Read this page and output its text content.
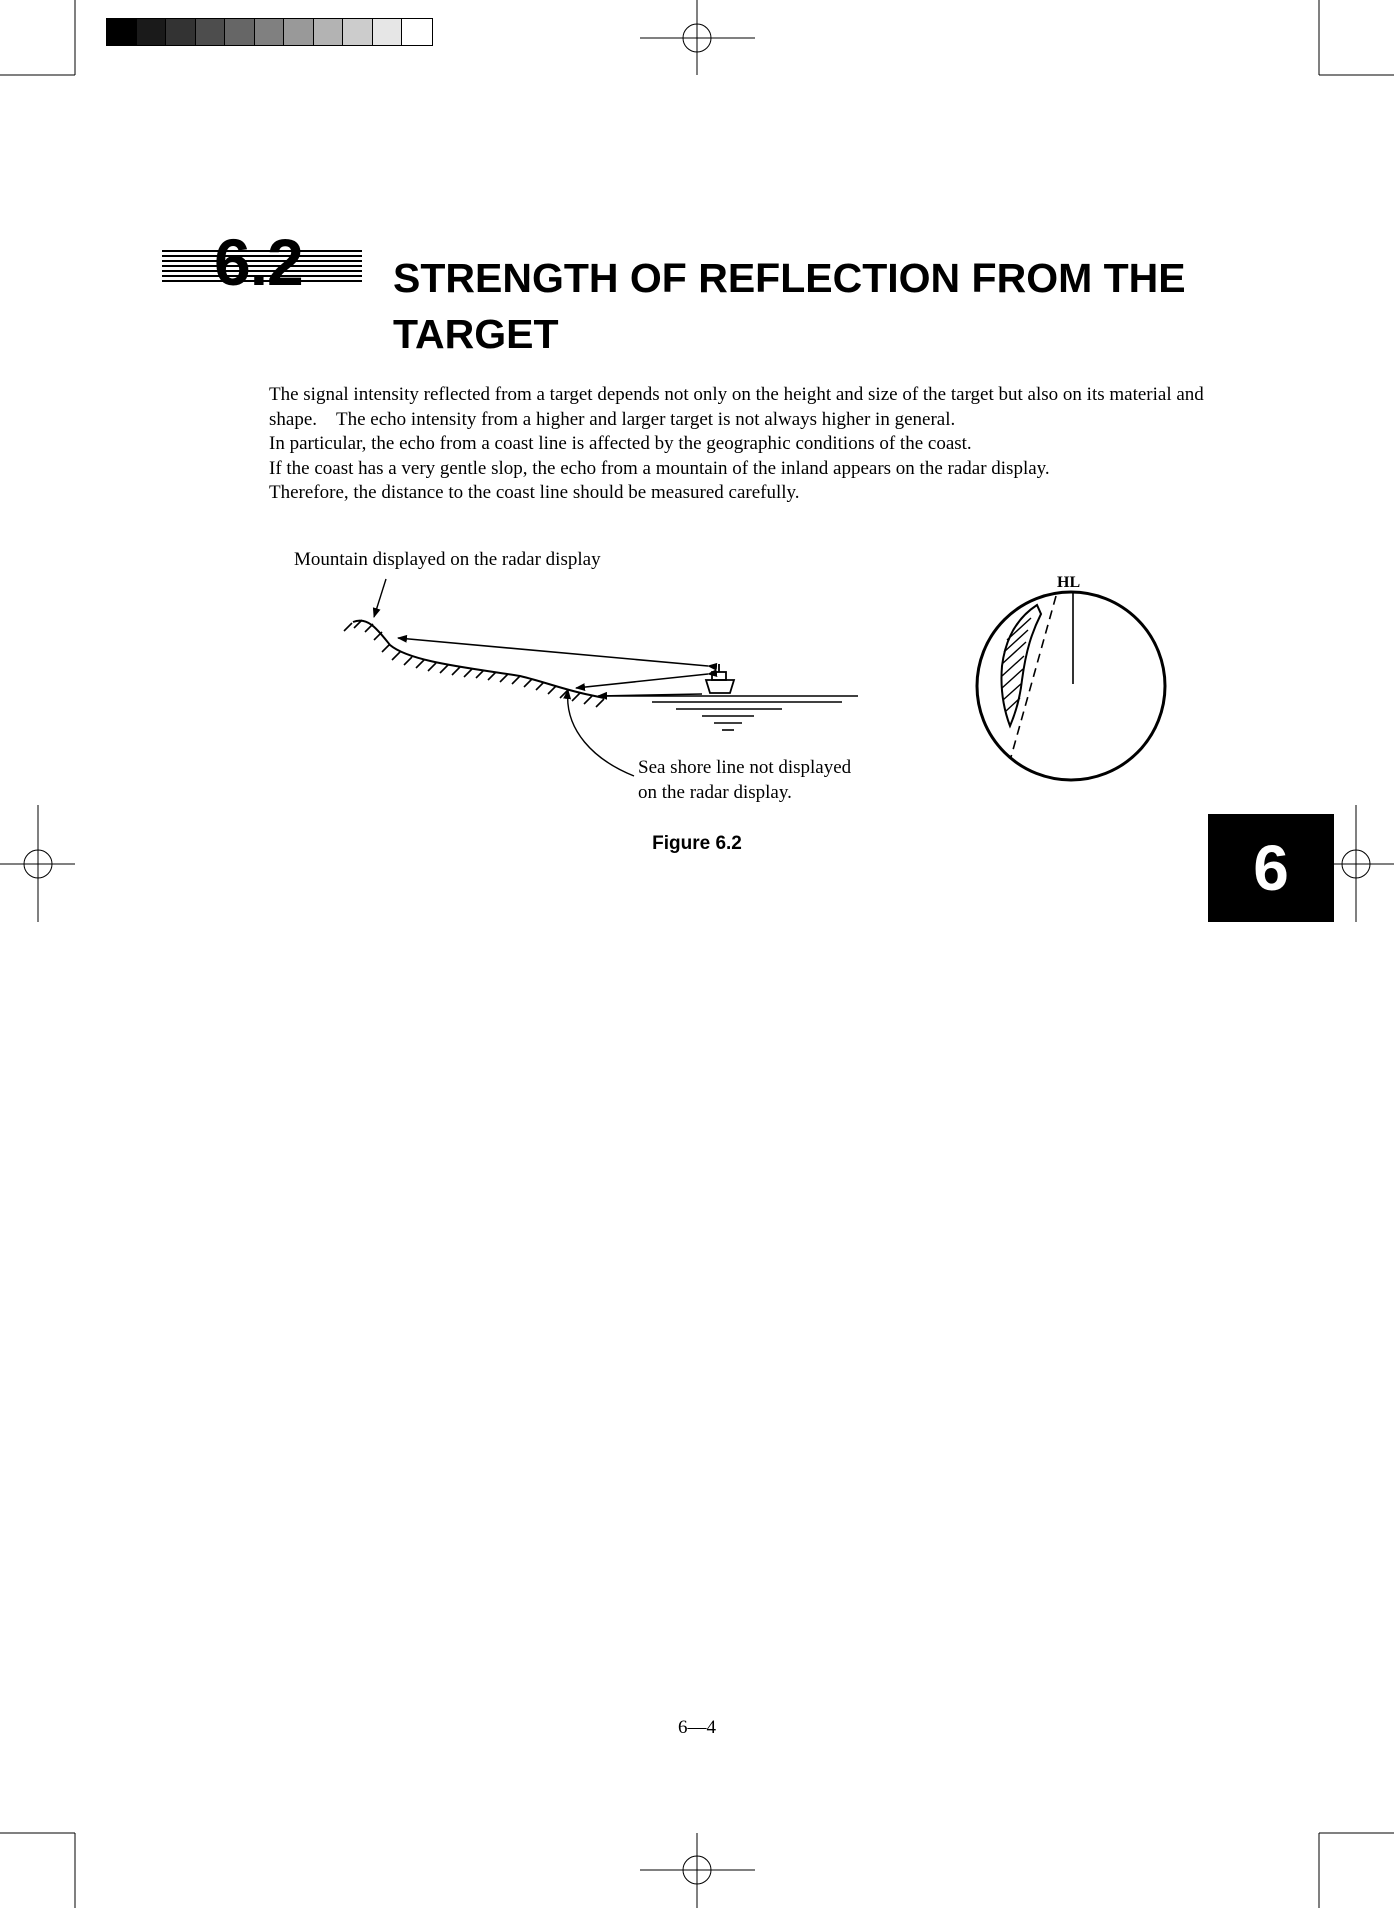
6.2 STRENGTH OF REFLECTION FROM THE TARGET

The signal intensity reflected from a target depends not only on the height and size of the target but also on its material and shape.　The echo intensity from a higher and larger target is not always higher in general.

In particular, the echo from a coast line is affected by the geographic conditions of the coast.

If the coast has a very gentle slop, the echo from a mountain of the inland appears on the radar display.

Therefore, the distance to the coast line should be measured carefully.

Mountain displayed on the radar display
Sea shore line not displayed
on the radar display.
HL
Figure 6.2	6
6—4
